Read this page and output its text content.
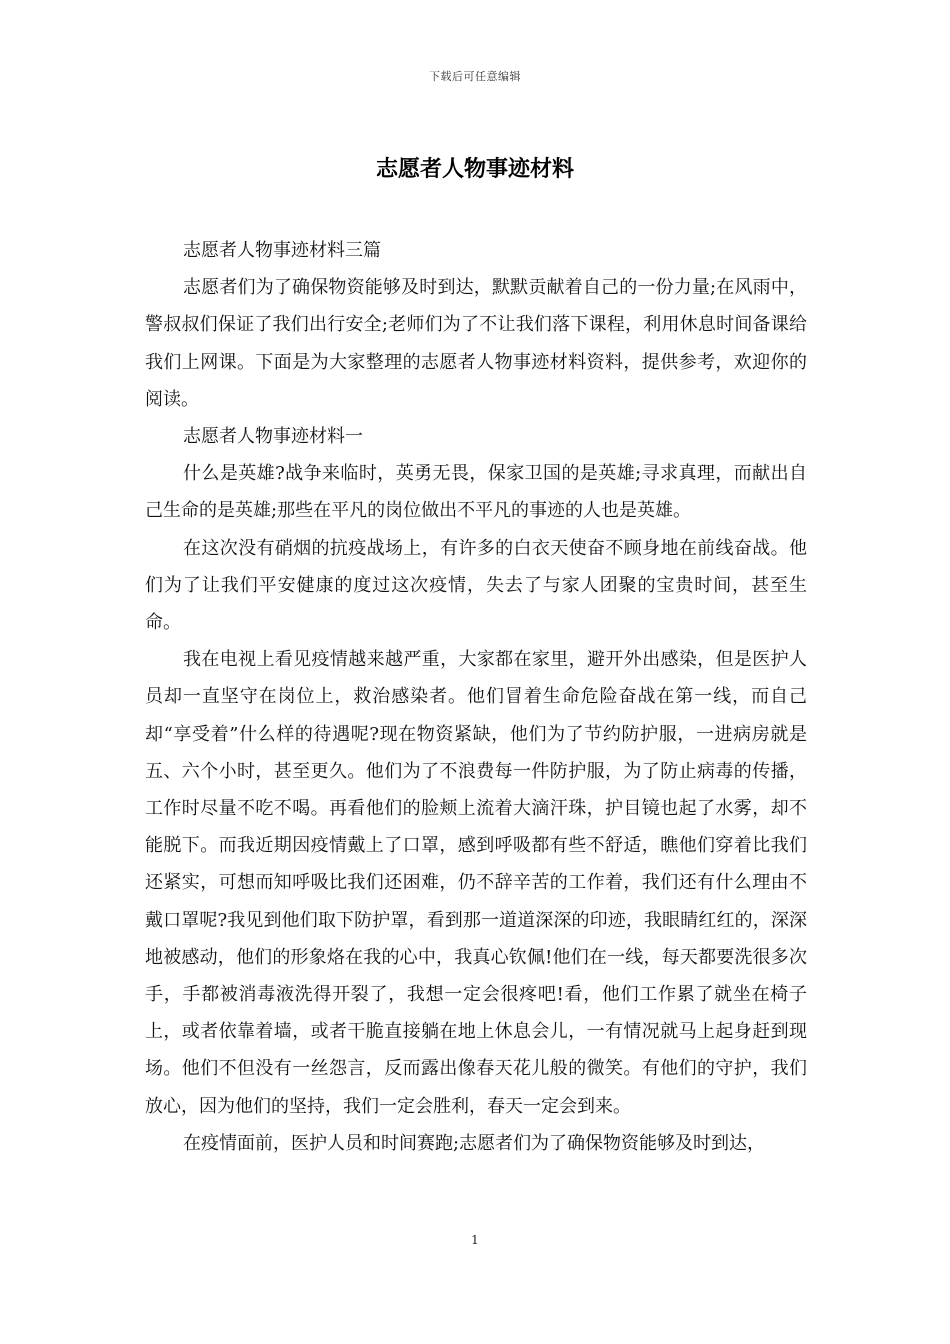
下载后可任意编辑
志愿者人物事迹材料

志愿者人物事迹材料三篇

志愿者们为了确保物资能够及时到达，默默贡献着自己的一份力量;在风雨中，警叔叔们保证了我们出行安全;老师们为了不让我们落下课程，利用休息时间备课给我们上网课。下面是为大家整理的志愿者人物事迹材料资料，提供参考，欢迎你的阅读。

志愿者人物事迹材料一

什么是英雄?战争来临时，英勇无畏，保家卫国的是英雄;寻求真理，而献出自己生命的是英雄;那些在平凡的岗位做出不平凡的事迹的人也是英雄。

在这次没有硝烟的抗疫战场上，有许多的白衣天使奋不顾身地在前线奋战。他们为了让我们平安健康的度过这次疫情，失去了与家人团聚的宝贵时间，甚至生命。

我在电视上看见疫情越来越严重，大家都在家里，避开外出感染，但是医护人员却一直坚守在岗位上，救治感染者。他们冒着生命危险奋战在第一线，而自己却“享受着”什么样的待遇呢?现在物资紧缺，他们为了节约防护服，一进病房就是五、六个小时，甚至更久。他们为了不浪费每一件防护服，为了防止病毒的传播，工作时尽量不吃不喝。再看他们的脸颊上流着大滴汗珠，护目镜也起了水雾，却不能脱下。而我近期因疫情戴上了口罩，感到呼吸都有些不舒适，瞧他们穿着比我们还紧实，可想而知呼吸比我们还困难，仍不辞辛苦的工作着，我们还有什么理由不戴口罩呢?我见到他们取下防护罩，看到那一道道深深的印迹，我眼睛红红的，深深地被感动，他们的形象烙在我的心中，我真心钦佩!他们在一线，每天都要洗很多次手，手都被消毒液洗得开裂了，我想一定会很疼吧!看，他们工作累了就坐在椅子上，或者依靠着墙，或者干脆直接躺在地上休息会儿，一有情况就马上起身赶到现场。他们不但没有一丝怨言，反而露出像春天花儿般的微笑。有他们的守护，我们放心，因为他们的坚持，我们一定会胜利，春天一定会到来。

在疫情面前，医护人员和时间赛跑;志愿者们为了确保物资能够及时到达，

1
